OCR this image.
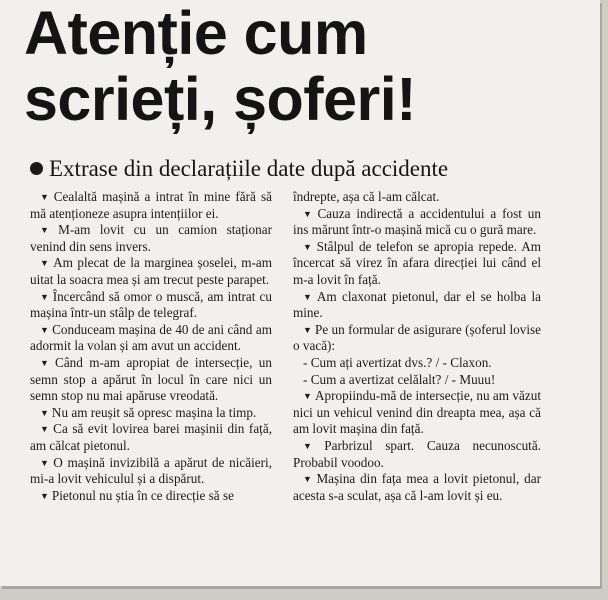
Atenție cum
scrieți, șoferi!
Extrase din declarațiile date după accidente

▼ Cealaltă mașină a intrat în mine fără să mă atenționeze asupra intențiilor ei.

▼ M-am lovit cu un camion staționar venind din sens invers.

▼ Am plecat de la marginea șoselei, m-am uitat la soacra mea și am trecut peste parapet.

▼ Încercând să omor o muscă, am intrat cu mașina într-un stâlp de telegraf.

▼ Conduceam mașina de 40 de ani când am adormit la volan și am avut un accident.

▼ Când m-am apropiat de intersecție, un semn stop a apărut în locul în care nici un semn stop nu mai apăruse vreodată.

▼ Nu am reușit să opresc mașina la timp.

▼ Ca să evit lovirea barei mașinii din față, am călcat pietonul.

▼ O mașină invizibilă a apărut de nicăieri, mi-a lovit vehiculul și a dispărut.

▼ Pietonul nu știa în ce direcție să se

îndrepte, așa că l-am călcat.

▼ Cauza indirectă a accidentului a fost un ins mărunt într-o mașină mică cu o gură mare.

▼ Stâlpul de telefon se apropia repede. Am încercat să virez în afara direcției lui când el m-a lovit în față.

▼ Am claxonat pietonul, dar el se holba la mine.

▼ Pe un formular de asigurare (șoferul lovise o vacă):

- Cum ați avertizat dvs.? / - Claxon.

- Cum a avertizat celălalt? / - Muuu!

▼ Apropiindu-mă de intersecție, nu am văzut nici un vehicul venind din dreapta mea, așa că am lovit mașina din față.

▼ Parbrizul spart. Cauza necunoscută. Probabil voodoo.

▼ Mașina din fața mea a lovit pietonul, dar acesta s-a sculat, așa că l-am lovit și eu.
